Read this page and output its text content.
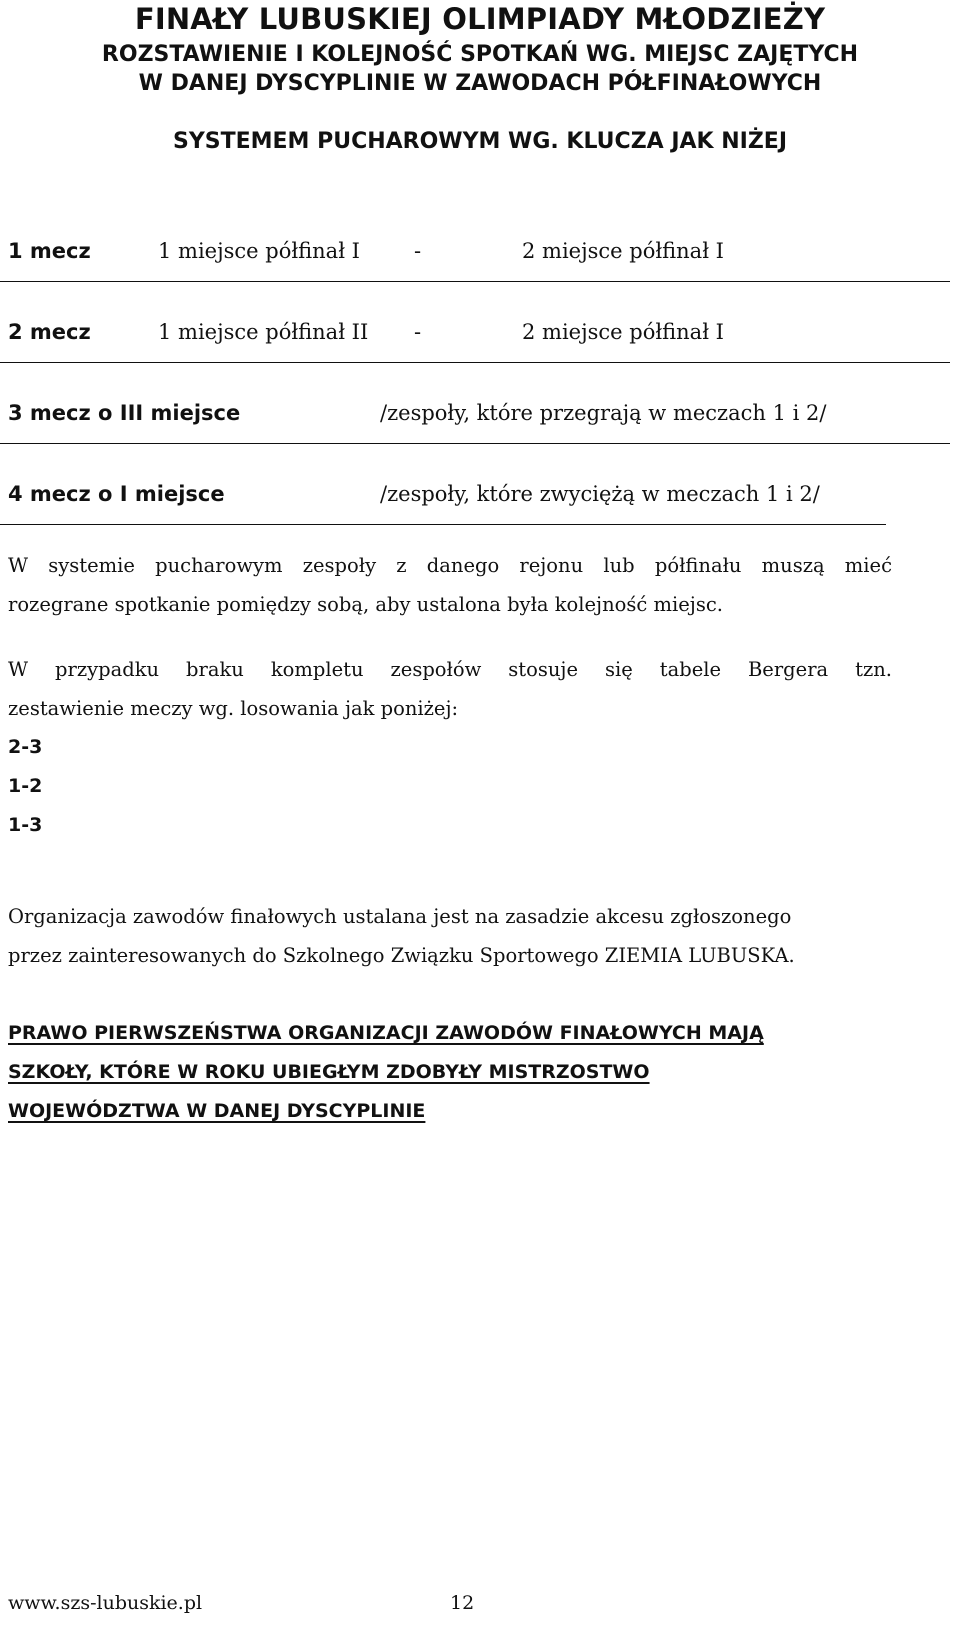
FINAŁY LUBUSKIEJ OLIMPIADY MŁODZIEŻY
ROZSTAWIENIE I KOLEJNOŚĆ SPOTKAŃ WG. MIEJSC ZAJĘTYCH
W DANEJ DYSCYPLINIE W ZAWODACH PÓŁFINAŁOWYCH
SYSTEMEM PUCHAROWYM WG. KLUCZA JAK NIŻEJ
1 mecz	1 miejsce półfinał I	-	2 miejsce półfinał I
2 mecz	1 miejsce półfinał II -	2 miejsce półfinał I
3 mecz o III miejsce	/zespoły, które przegrają w meczach 1 i 2/
4 mecz o I miejsce	/zespoły, które zwyciężą w meczach 1 i 2/
W systemie pucharowym zespoły z danego rejonu lub półfinału muszą mieć
rozegrane spotkanie pomiędzy sobą, aby ustalona była kolejność miejsc.
W przypadku braku kompletu zespołów stosuje się tabele Bergera tzn.
zestawienie meczy wg. losowania jak poniżej:
2-3
1-2
1-3
Organizacja zawodów finałowych ustalana jest na zasadzie akcesu zgłoszonego
przez zainteresowanych do Szkolnego Związku Sportowego ZIEMIA LUBUSKA.
PRAWO PIERWSZEŃSTWA ORGANIZACJI ZAWODÓW FINAŁOWYCH MAJĄ
SZKOŁY, KTÓRE W ROKU UBIEGŁYM ZDOBYŁY MISTRZOSTWO
WOJEWÓDZTWA W DANEJ DYSCYPLINIE
www.szs-lubuskie.pl	12
